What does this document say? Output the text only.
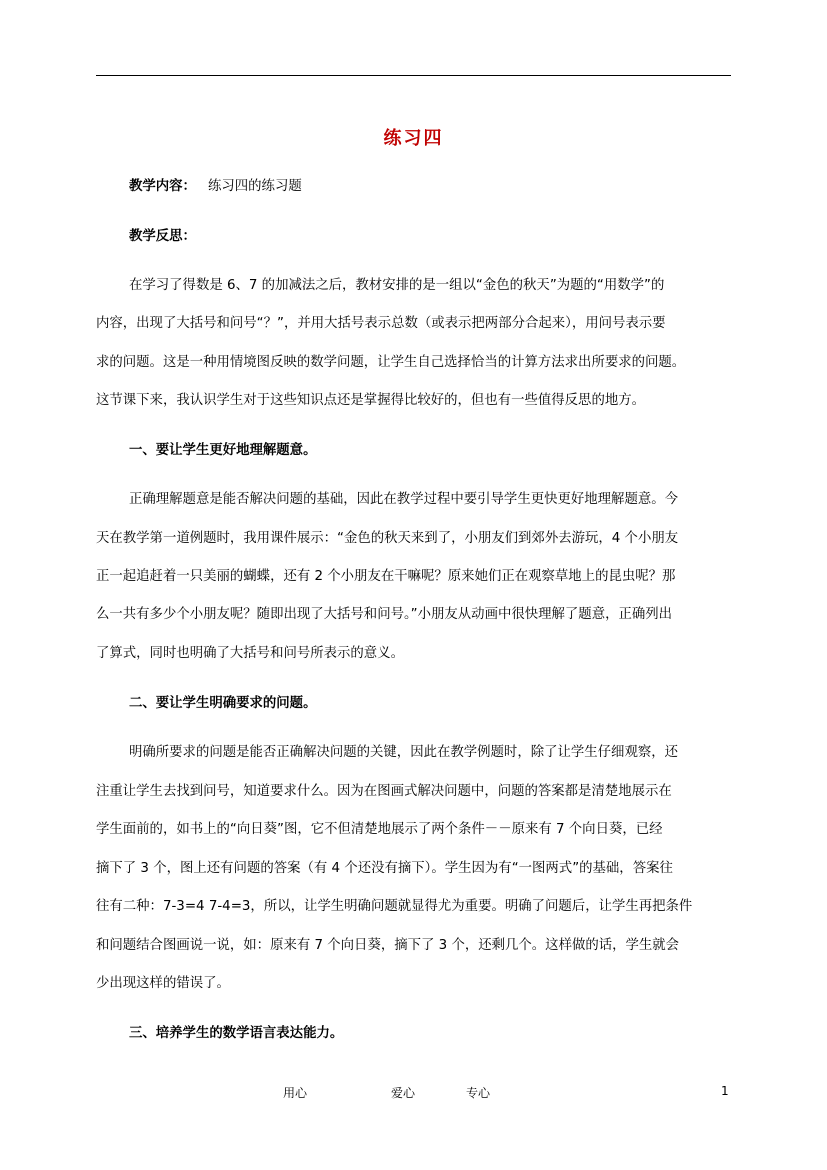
练习四
教学内容： 练习四的练习题
教学反思：
在学习了得数是 6、7 的加减法之后，教材安排的是一组以“金色的秋天”为题的“用数学”的
内容，出现了大括号和问号“？”，并用大括号表示总数（或表示把两部分合起来），用问号表示要
求的问题。这是一种用情境图反映的数学问题，让学生自己选择恰当的计算方法求出所要求的问题。
这节课下来，我认识学生对于这些知识点还是掌握得比较好的，但也有一些值得反思的地方。
一、要让学生更好地理解题意。
正确理解题意是能否解决问题的基础，因此在教学过程中要引导学生更快更好地理解题意。今
天在教学第一道例题时，我用课件展示：“金色的秋天来到了，小朋友们到郊外去游玩，4 个小朋友
正一起追赶着一只美丽的蝴蝶，还有 2 个小朋友在干嘛呢？原来她们正在观察草地上的昆虫呢？那
么一共有多少个小朋友呢？随即出现了大括号和问号。”小朋友从动画中很快理解了题意，正确列出
了算式，同时也明确了大括号和问号所表示的意义。
二、要让学生明确要求的问题。
明确所要求的问题是能否正确解决问题的关键，因此在教学例题时，除了让学生仔细观察，还
注重让学生去找到问号，知道要求什么。因为在图画式解决问题中，问题的答案都是清楚地展示在
学生面前的，如书上的“向日葵”图，它不但清楚地展示了两个条件－－原来有 7 个向日葵，已经
摘下了 3 个，图上还有问题的答案（有 4 个还没有摘下）。学生因为有“一图两式”的基础，答案往
往有二种：7-3=4 7-4=3，所以，让学生明确问题就显得尤为重要。明确了问题后，让学生再把条件
和问题结合图画说一说，如：原来有 7 个向日葵，摘下了 3 个，还剩几个。这样做的话，学生就会
少出现这样的错误了。
三、培养学生的数学语言表达能力。
用心	爱心	专心	1
